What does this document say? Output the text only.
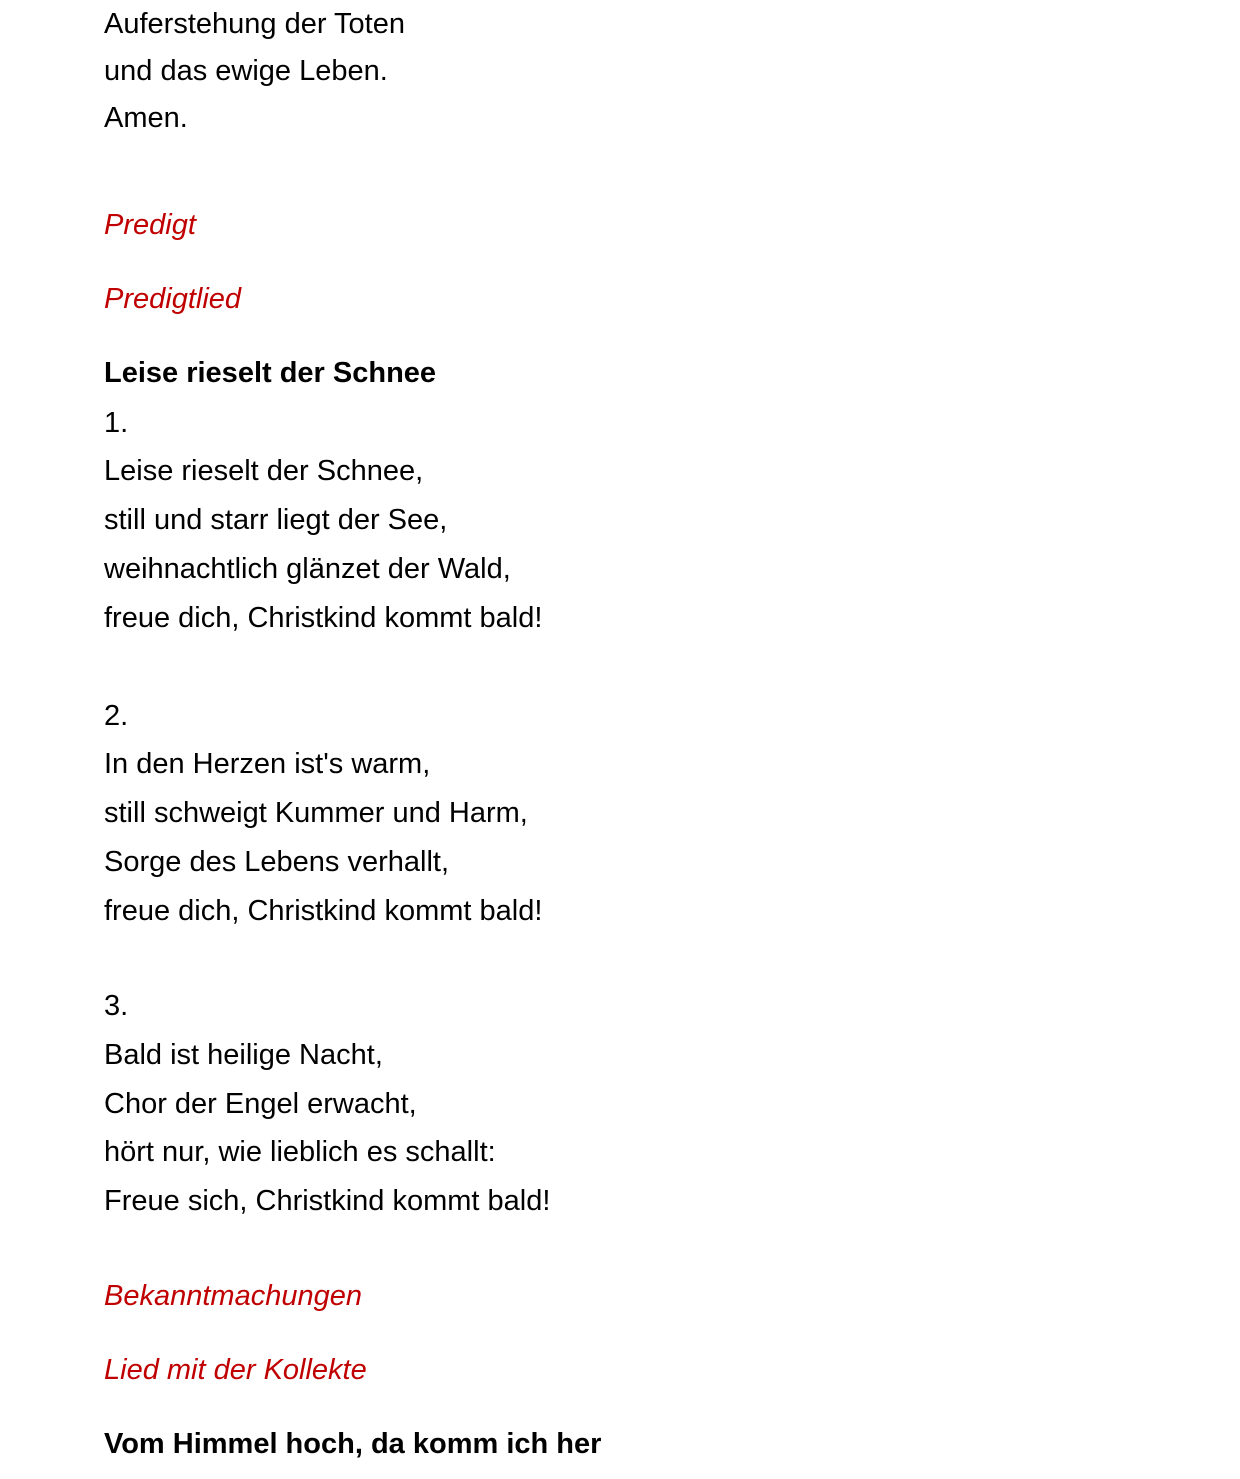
Auferstehung der Toten
und das ewige Leben.
Amen.
Predigt
Predigtlied
Leise rieselt der Schnee
1.
Leise rieselt der Schnee,
still und starr liegt der See,
weihnachtlich glänzet der Wald,
freue dich, Christkind kommt bald!
2.
In den Herzen ist's warm,
still schweigt Kummer und Harm,
Sorge des Lebens verhallt,
freue dich, Christkind kommt bald!
3.
Bald ist heilige Nacht,
Chor der Engel erwacht,
hört nur, wie lieblich es schallt:
Freue sich, Christkind kommt bald!
Bekanntmachungen
Lied mit der Kollekte
Vom Himmel hoch, da komm ich her
